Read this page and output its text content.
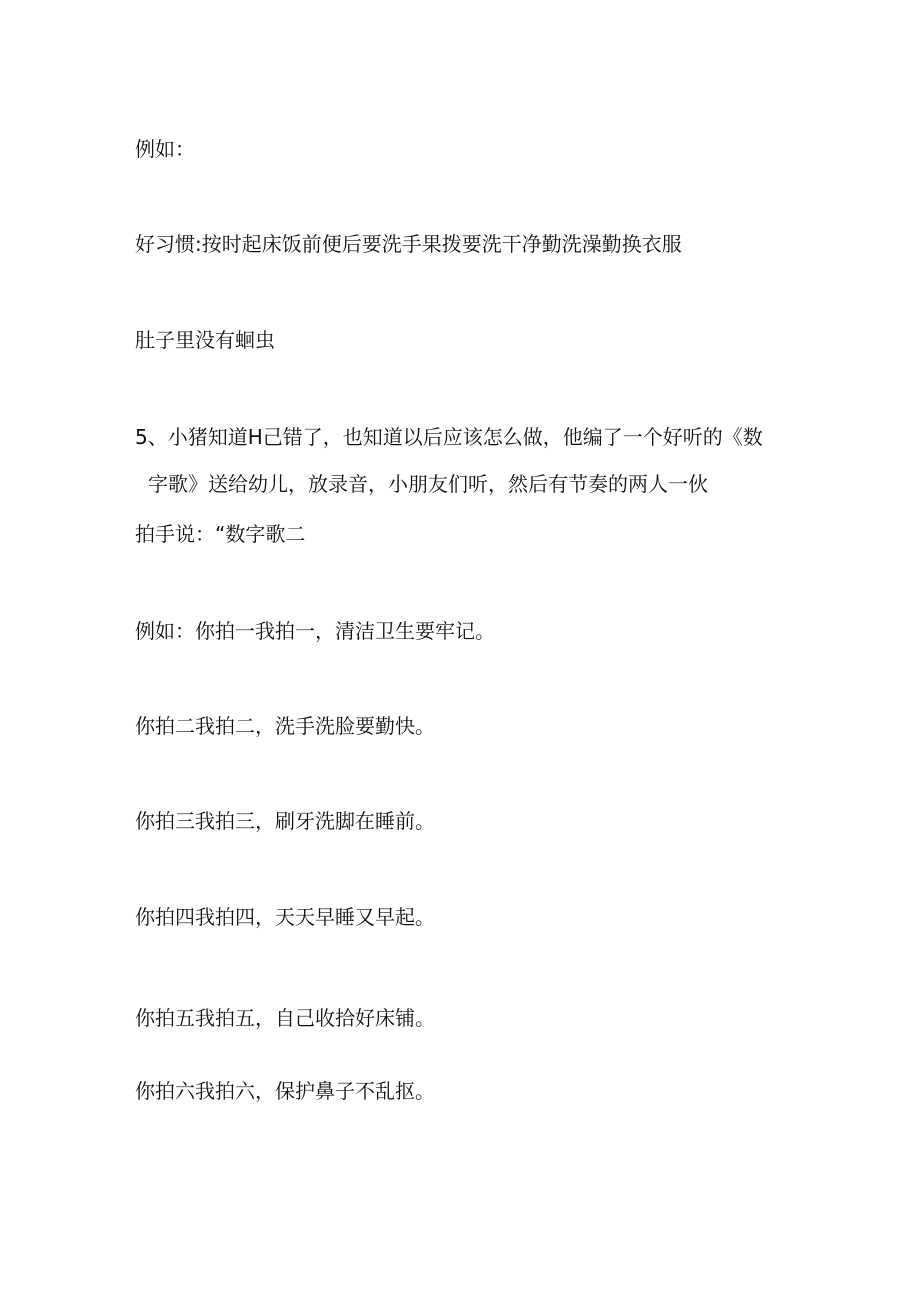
例如：
好习惯:按时起床饭前便后要洗手果拨要洗干净勤洗澡勤换衣服
肚子里没有蛔虫
5、小猪知道H己错了，也知道以后应该怎么做，他编了一个好听的《数
字歌》送给幼儿，放录音，小朋友们听，然后有节奏的两人一伙
拍手说：“数字歌二
例如：你拍一我拍一，清洁卫生要牢记。
你拍二我拍二，洗手洗脸要勤快。
你拍三我拍三，刷牙洗脚在睡前。
你拍四我拍四，天天早睡又早起。
你拍五我拍五，自己收拾好床铺。
你拍六我拍六，保护鼻子不乱抠。
